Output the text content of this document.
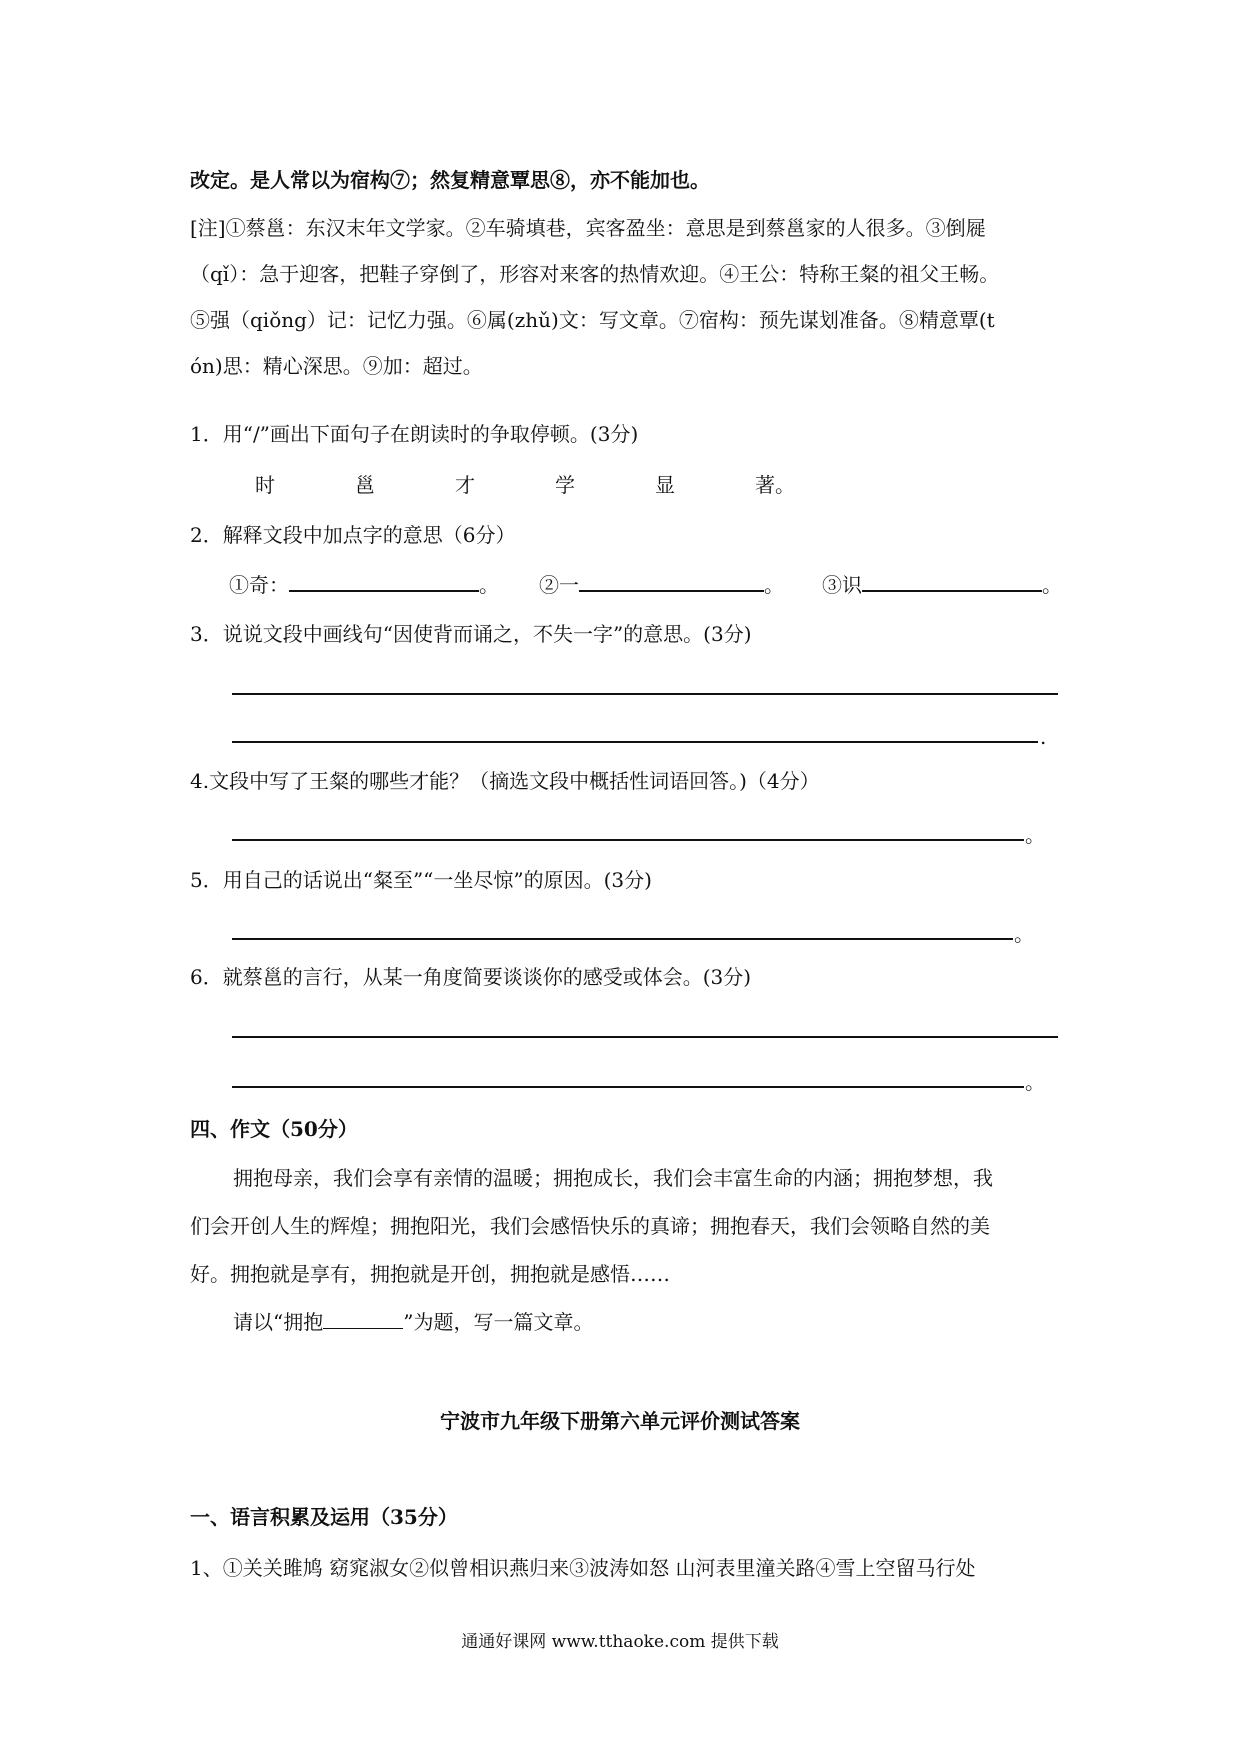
改定。是人常以为宿构⑦；然复精意覃思⑧，亦不能加也。
[注]①蔡邕：东汉末年文学家。②车骑填巷，宾客盈坐：意思是到蔡邕家的人很多。③倒屣
（qǐ）：急于迎客，把鞋子穿倒了，形容对来客的热情欢迎。④王公：特称王粲的祖父王畅。
⑤强（qiǒng）记：记忆力强。⑥属(zhǔ)文：写文章。⑦宿构：预先谋划准备。⑧精意覃(t
ón)思：精心深思。⑨加：超过。
1．用“/”画出下面句子在朗读时的争取停顿。(3分)
时	邕	才	学	显	著。
2．解释文段中加点字的意思（6分）
①奇：	。 ②一	。 ③识	。
3．说说文段中画线句“因使背而诵之，不失一字”的意思。(3分)
.
4.文段中写了王粲的哪些才能？（摘选文段中概括性词语回答。)（4分）
。
5．用自己的话说出“粲至”“一坐尽惊”的原因。(3分)
。
6．就蔡邕的言行，从某一角度简要谈谈你的感受或体会。(3分)
。
四、作文（50分）
拥抱母亲，我们会享有亲情的温暖；拥抱成长，我们会丰富生命的内涵；拥抱梦想，我
们会开创人生的辉煌；拥抱阳光，我们会感悟快乐的真谛；拥抱春天，我们会领略自然的美
好。拥抱就是享有，拥抱就是开创，拥抱就是感悟……
请以“拥抱	”为题，写一篇文章。
宁波市九年级下册第六单元评价测试答案
一、语言积累及运用（35分）
1、①关关雎鸠 窈窕淑女②似曾相识燕归来③波涛如怒 山河表里潼关路④雪上空留马行处
通通好课网 www.tthaoke.com 提供下载
